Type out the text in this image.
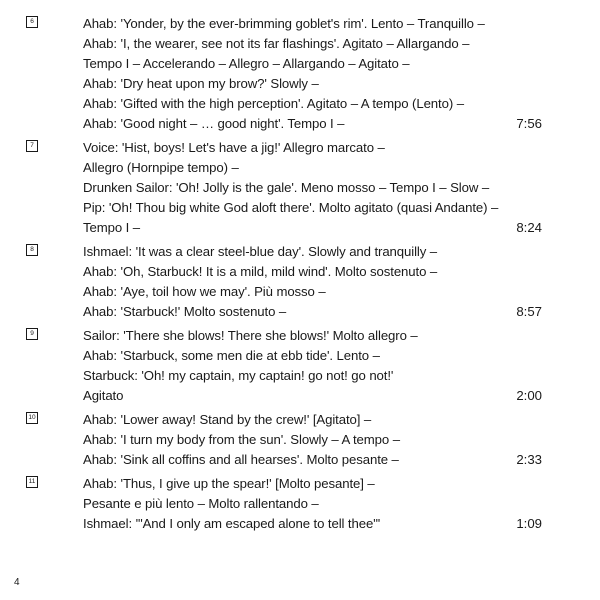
6	Ahab: 'Yonder, by the ever-brimming goblet's rim'. Lento – Tranquillo –
Ahab: 'I, the wearer, see not its far flashings'. Agitato – Allargando –
Tempo I – Accelerando – Allegro – Allargando – Agitato –
Ahab: 'Dry heat upon my brow?' Slowly –
Ahab: 'Gifted with the high perception'. Agitato – A tempo (Lento) –
Ahab: 'Good night – … good night'. Tempo I –	7:56
7	Voice: 'Hist, boys! Let's have a jig!' Allegro marcato –
Allegro (Hornpipe tempo) –
Drunken Sailor: 'Oh! Jolly is the gale'. Meno mosso – Tempo I – Slow –
Pip: 'Oh! Thou big white God aloft there'. Molto agitato (quasi Andante) –
Tempo I –	8:24
8	Ishmael: 'It was a clear steel-blue day'. Slowly and tranquilly –
Ahab: 'Oh, Starbuck! It is a mild, mild wind'. Molto sostenuto –
Ahab: 'Aye, toil how we may'. Più mosso –
Ahab: 'Starbuck!' Molto sostenuto –	8:57
9	Sailor: 'There she blows! There she blows!' Molto allegro –
Ahab: 'Starbuck, some men die at ebb tide'. Lento –
Starbuck: 'Oh! my captain, my captain! go not! go not!'
Agitato	2:00
10	Ahab: 'Lower away! Stand by the crew!' [Agitato] –
Ahab: 'I turn my body from the sun'. Slowly – A tempo –
Ahab: 'Sink all coffins and all hearses'. Molto pesante –	2:33
11	Ahab: 'Thus, I give up the spear!' [Molto pesante] –
Pesante e più lento – Molto rallentando –
Ishmael: '"And I only am escaped alone to tell thee"'	1:09
4
